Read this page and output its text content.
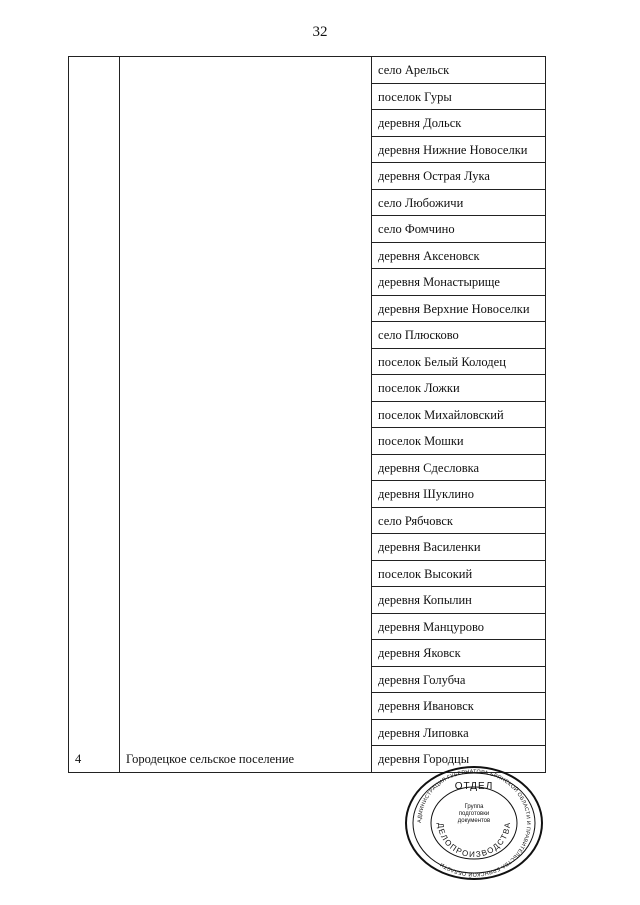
32
село Арельск
поселок Гуры
деревня Дольск
деревня Нижние Новоселки
деревня Острая Лука
село Любожичи
село Фомчино
деревня Аксеновск
деревня Монастырище
деревня Верхние Новоселки
село Плюсково
поселок Белый Колодец
поселок Ложки
поселок Михайловский
поселок Мошки
деревня Сдесловка
деревня Шуклино
село Рябчовск
деревня Василенки
поселок Высокий
деревня Копылин
деревня Манцурово
деревня Яковск
деревня Голубча
деревня Ивановск
деревня Липовка
4	Городецкое сельское поселение	деревня Городцы
АДМИНИСТРАЦИЯ ГУБЕРНАТОРА БРЯНСКОЙ ОБЛАСТИ И ПРАВИТЕЛЬСТВА БРЯНСКОЙ ОБЛАСТИ
ДЕЛОПРОИЗВОДСТВА
ОТДЕЛ
Группа
подготовки
документов
